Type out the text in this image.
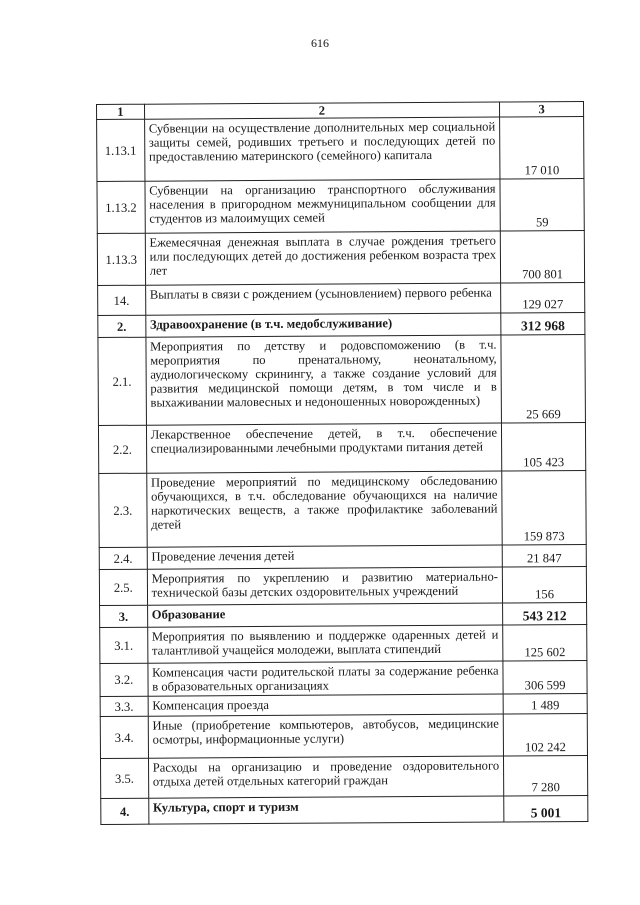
616
1	2	3
1.13.1	Субвенции на осуществление дополнительных мер социальной защиты семей, родивших третьего и последующих детей по предоставлению материнского (семейного) капитала	17 010
1.13.2	Субвенции на организацию транспортного обслуживания населения в пригородном межмуниципальном сообщении для студентов из малоимущих семей	59
1.13.3	Ежемесячная денежная выплата в случае рождения третьего или последующих детей до достижения ребенком возраста трех лет	700 801
14.	Выплаты в связи с рождением (усыновлением) первого ребенка	129 027
2.	Здравоохранение (в т.ч. медобслуживание)	312 968
2.1.	Мероприятия по детству и родовспоможению (в т.ч. мероприятия по пренатальному, неонатальному, аудиологическому скринингу, а также создание условий для развития медицинской помощи детям, в том числе и в выхаживании маловесных и недоношенных новорожденных)	25 669
2.2.	Лекарственное обеспечение детей, в т.ч. обеспечение специализированными лечебными продуктами питания детей	105 423
2.3.	Проведение мероприятий по медицинскому обследованию обучающихся, в т.ч. обследование обучающихся на наличие наркотических веществ, а также профилактике заболеваний детей	159 873
2.4.	Проведение лечения детей	21 847
2.5.	Мероприятия по укреплению и развитию материально-технической базы детских оздоровительных учреждений	156
3.	Образование	543 212
3.1.	Мероприятия по выявлению и поддержке одаренных детей и талантливой учащейся молодежи, выплата стипендий	125 602
3.2.	Компенсация части родительской платы за содержание ребенка в образовательных организациях	306 599
3.3.	Компенсация проезда	1 489
3.4.	Иные (приобретение компьютеров, автобусов, медицинские осмотры, информационные услуги)	102 242
3.5.	Расходы на организацию и проведение оздоровительного отдыха детей отдельных категорий граждан	7 280
4.	Культура, спорт и туризм	5 001
